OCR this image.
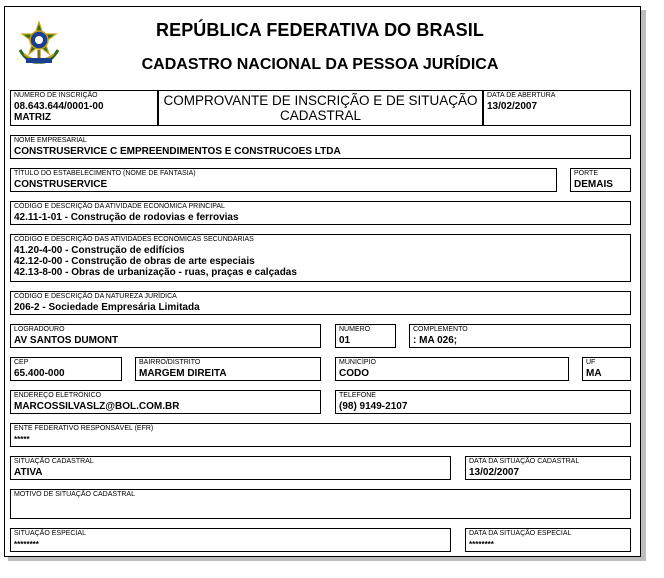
REPÚBLICA FEDERATIVA DO BRASIL
CADASTRO NACIONAL DA PESSOA JURÍDICA
NÚMERO DE INSCRIÇÃO
08.643.644/0001-00
MATRIZ
COMPROVANTE DE INSCRIÇÃO E DE SITUAÇÃO
CADASTRAL
DATA DE ABERTURA
13/02/2007
NOME EMPRESARIAL
CONSTRUSERVICE C EMPREENDIMENTOS E CONSTRUCOES LTDA
TÍTULO DO ESTABELECIMENTO (NOME DE FANTASIA)
CONSTRUSERVICE
PORTE
DEMAIS
CÓDIGO E DESCRIÇÃO DA ATIVIDADE ECONÔMICA PRINCIPAL
42.11-1-01 - Construção de rodovias e ferrovias
CÓDIGO E DESCRIÇÃO DAS ATIVIDADES ECONÔMICAS SECUNDÁRIAS
41.20-4-00 - Construção de edifícios
42.12-0-00 - Construção de obras de arte especiais
42.13-8-00 - Obras de urbanização - ruas, praças e calçadas
CÓDIGO E DESCRIÇÃO DA NATUREZA JURÍDICA
206-2 - Sociedade Empresária Limitada
LOGRADOURO
AV SANTOS DUMONT
NÚMERO
01
COMPLEMENTO
: MA 026;
CEP
65.400-000
BAIRRO/DISTRITO
MARGEM DIREITA
MUNICÍPIO
CODO
UF
MA
ENDEREÇO ELETRÔNICO
MARCOSSILVASLZ@BOL.COM.BR
TELEFONE
(98) 9149-2107
ENTE FEDERATIVO RESPONSÁVEL (EFR)
*****
SITUAÇÃO CADASTRAL
ATIVA
DATA DA SITUAÇÃO CADASTRAL
13/02/2007
MOTIVO DE SITUAÇÃO CADASTRAL
SITUAÇÃO ESPECIAL
********
DATA DA SITUAÇÃO ESPECIAL
********
